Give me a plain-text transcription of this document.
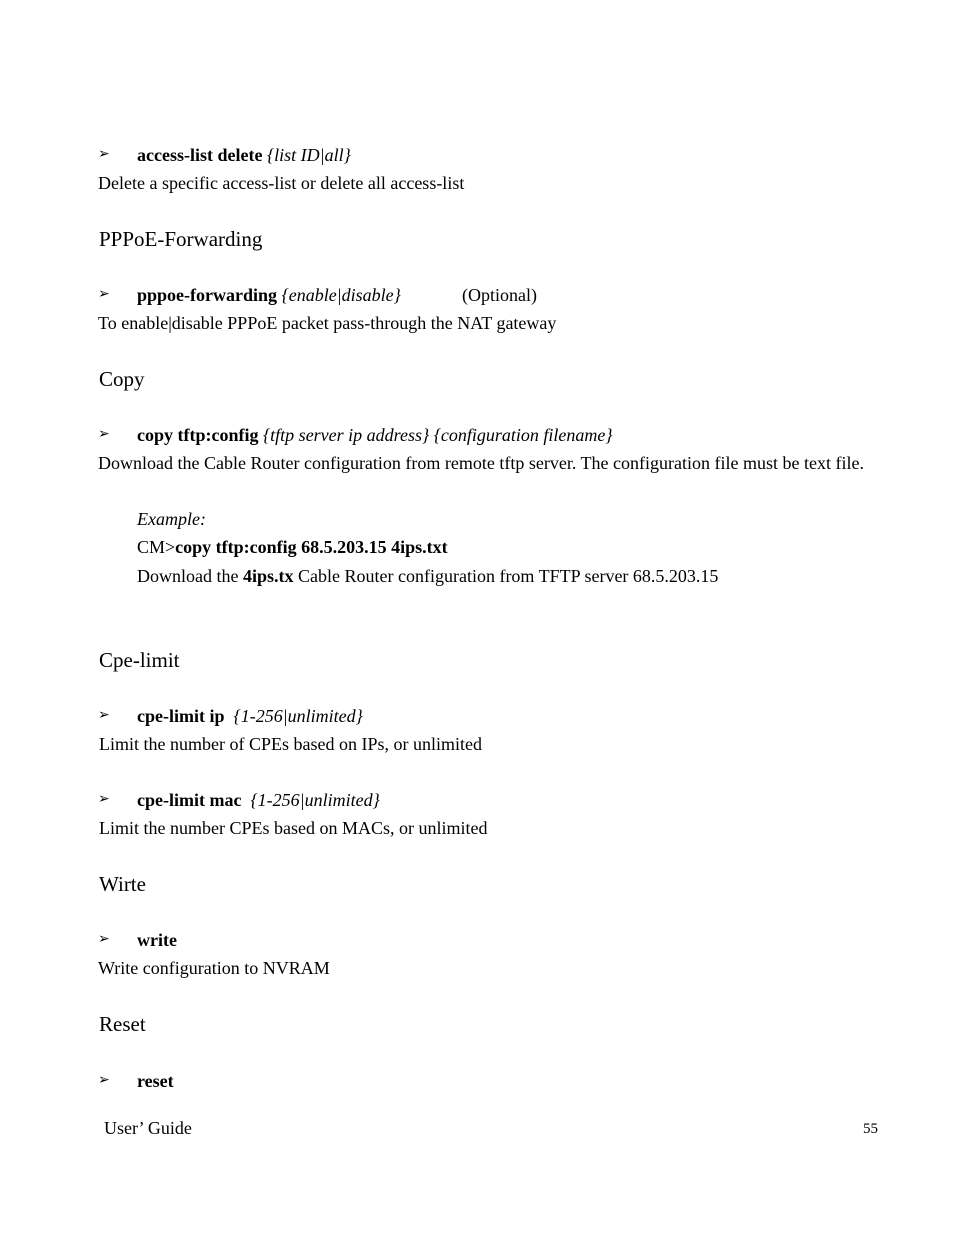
➢	access-list delete {list ID|all}
Delete a specific access-list or delete all access-list
PPPoE-Forwarding
➢	pppoe-forwarding {enable|disable}	(Optional)
To enable|disable PPPoE packet pass-through the NAT gateway
Copy
➢	copy tftp:config {tftp server ip address} {configuration filename}
Download the Cable Router configuration from remote tftp server. The configuration file must be text file.
Example:
CM>copy tftp:config 68.5.203.15 4ips.txt
Download the 4ips.tx Cable Router configuration from TFTP server 68.5.203.15
Cpe-limit
➢	cpe-limit ip {1-256|unlimited}
Limit the number of CPEs based on IPs, or unlimited
➢	cpe-limit mac {1-256|unlimited}
Limit the number CPEs based on MACs, or unlimited
Wirte
➢	write
Write configuration to NVRAM
Reset
➢	reset
User’ Guide	55
